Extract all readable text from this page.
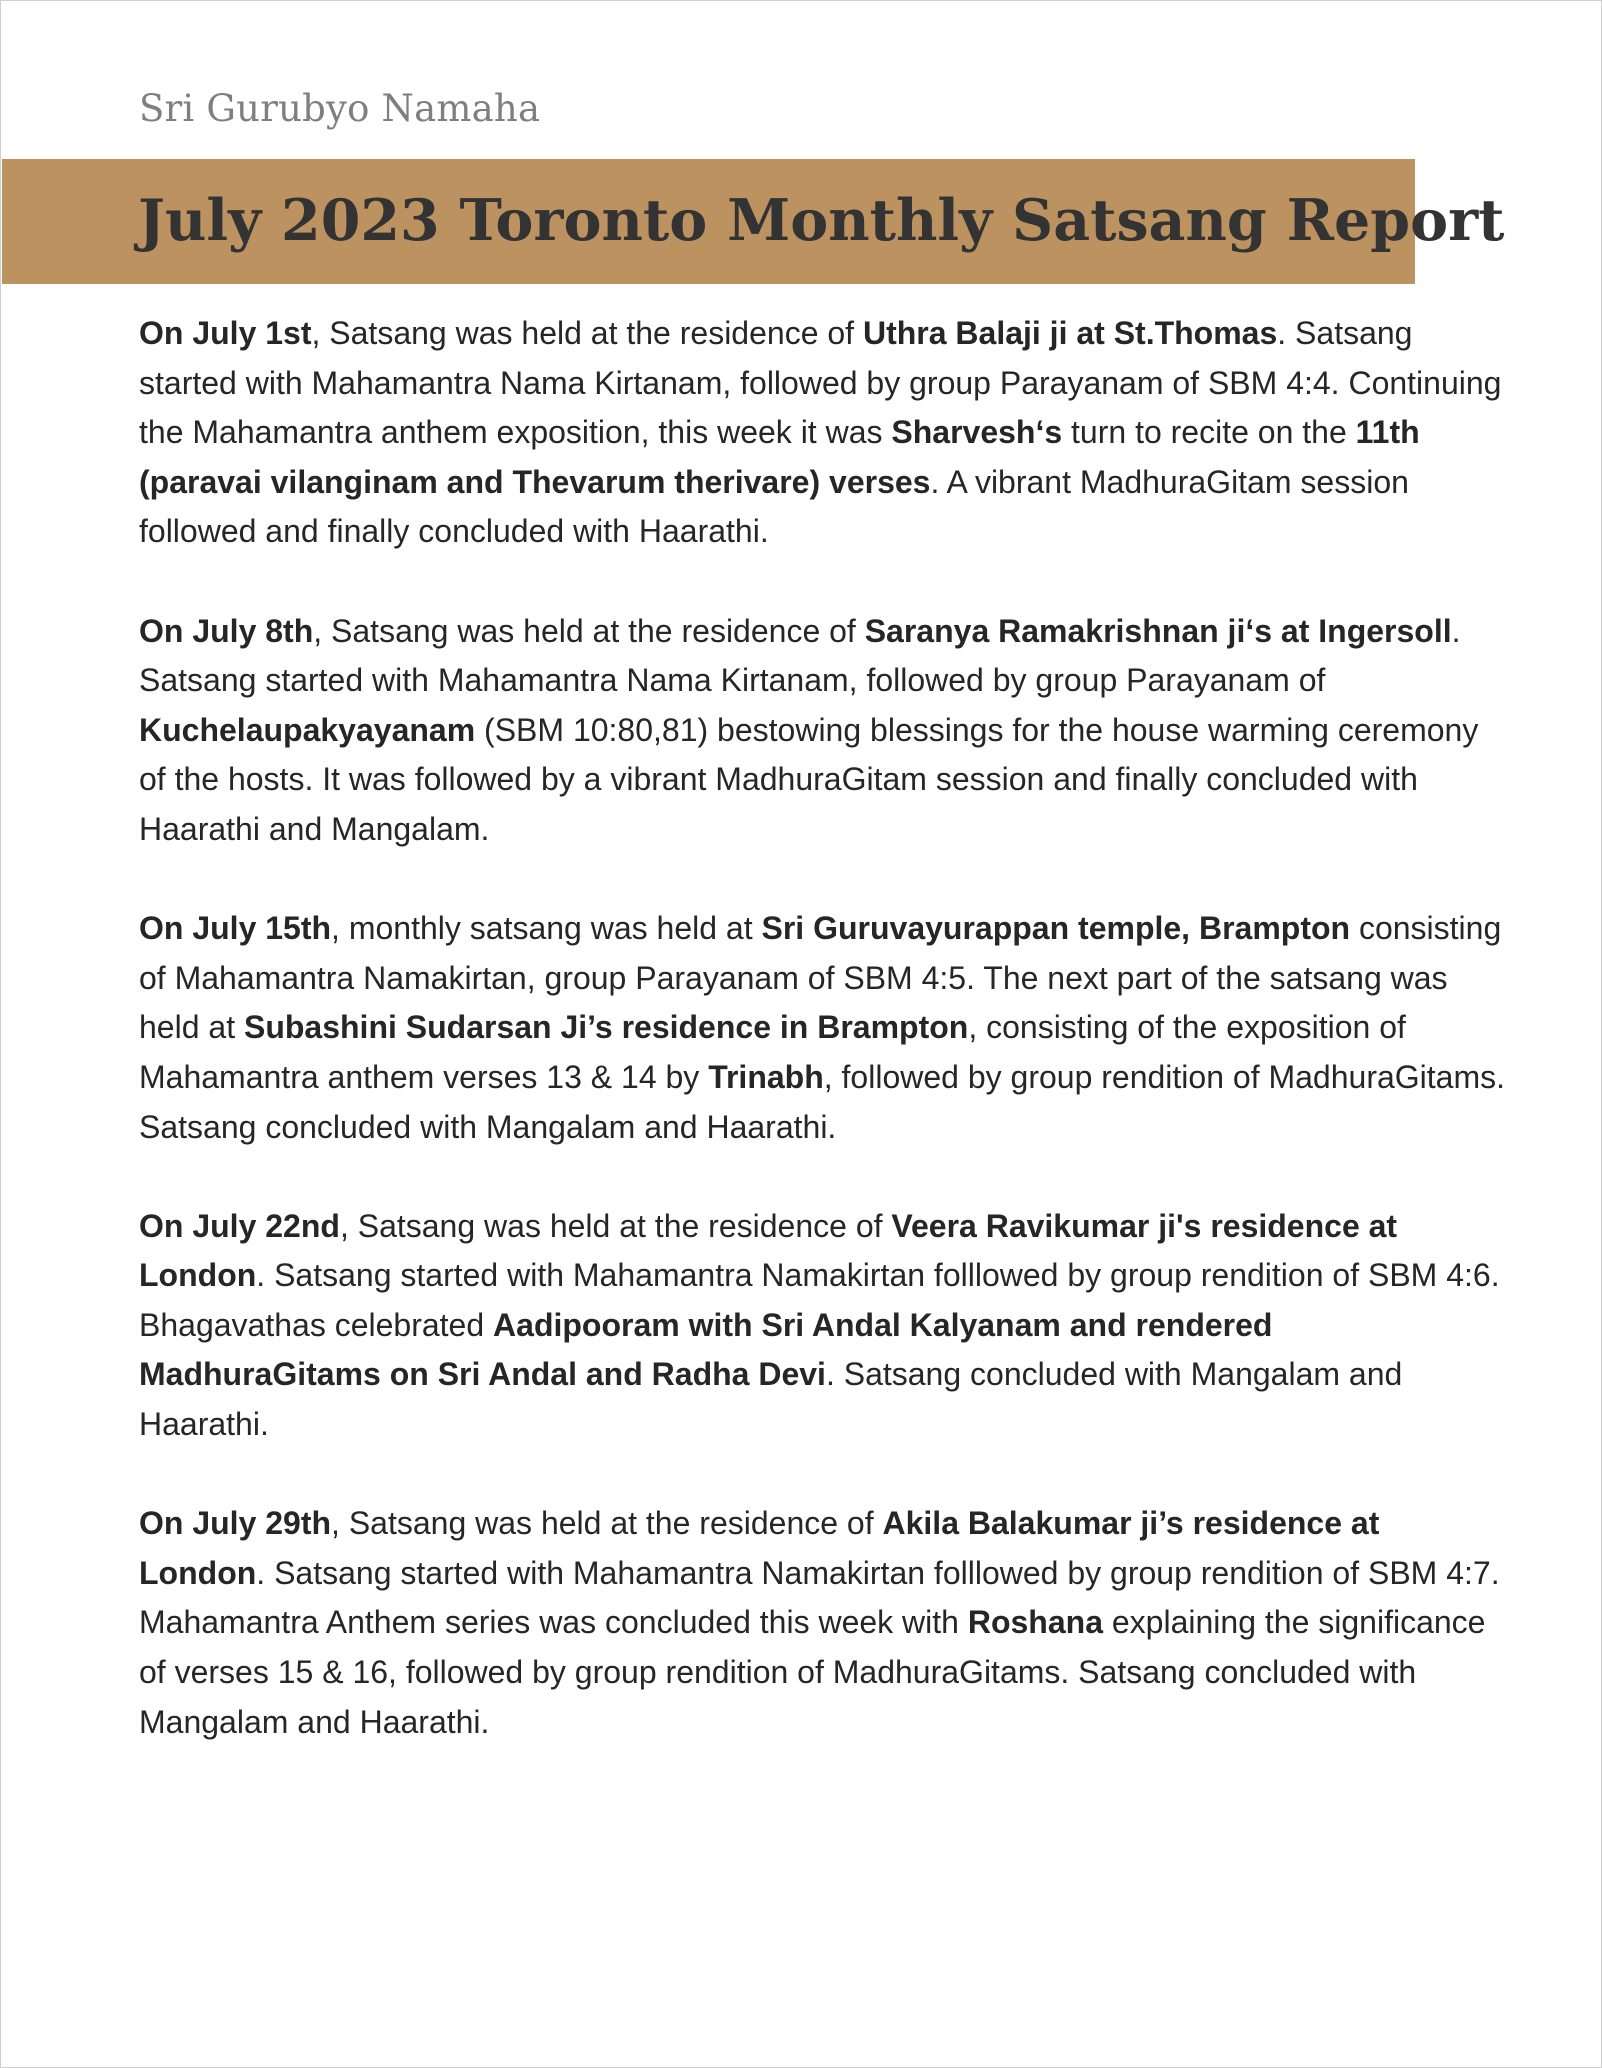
Sri Gurubyo Namaha
July 2023 Toronto Monthly Satsang Report

On July 1st, Satsang was held at the residence of Uthra Balaji ji at St.Thomas. Satsang started with Mahamantra Nama Kirtanam, followed by group Parayanam of SBM 4:4. Continuing the Mahamantra anthem exposition, this week it was Sharvesh‘s turn to recite on the 11th (paravai vilanginam and Thevarum therivare) verses. A vibrant MadhuraGitam session followed and finally concluded with Haarathi.

On July 8th, Satsang was held at the residence of Saranya Ramakrishnan ji‘s at Ingersoll. Satsang started with Mahamantra Nama Kirtanam, followed by group Parayanam of Kuchelaupakyayanam (SBM 10:80,81) bestowing blessings for the house warming ceremony of the hosts. It was followed by a vibrant MadhuraGitam session and finally concluded with Haarathi and Mangalam.

On July 15th, monthly satsang was held at Sri Guruvayurappan temple, Brampton consisting of Mahamantra Namakirtan, group Parayanam of SBM 4:5. The next part of the satsang was held at Subashini Sudarsan Ji’s residence in Brampton, consisting of the exposition of Mahamantra anthem verses 13 & 14 by Trinabh, followed by group rendition of MadhuraGitams. Satsang concluded with Mangalam and Haarathi.

On July 22nd, Satsang was held at the residence of Veera Ravikumar ji's residence at London. Satsang started with Mahamantra Namakirtan folllowed by group rendition of SBM 4:6. Bhagavathas celebrated Aadipooram with Sri Andal Kalyanam and rendered MadhuraGitams on Sri Andal and Radha Devi. Satsang concluded with Mangalam and Haarathi.

On July 29th, Satsang was held at the residence of Akila Balakumar ji’s residence at London. Satsang started with Mahamantra Namakirtan folllowed by group rendition of SBM 4:7. Mahamantra Anthem series was concluded this week with Roshana explaining the significance of verses 15 & 16, followed by group rendition of MadhuraGitams. Satsang concluded with Mangalam and Haarathi.
